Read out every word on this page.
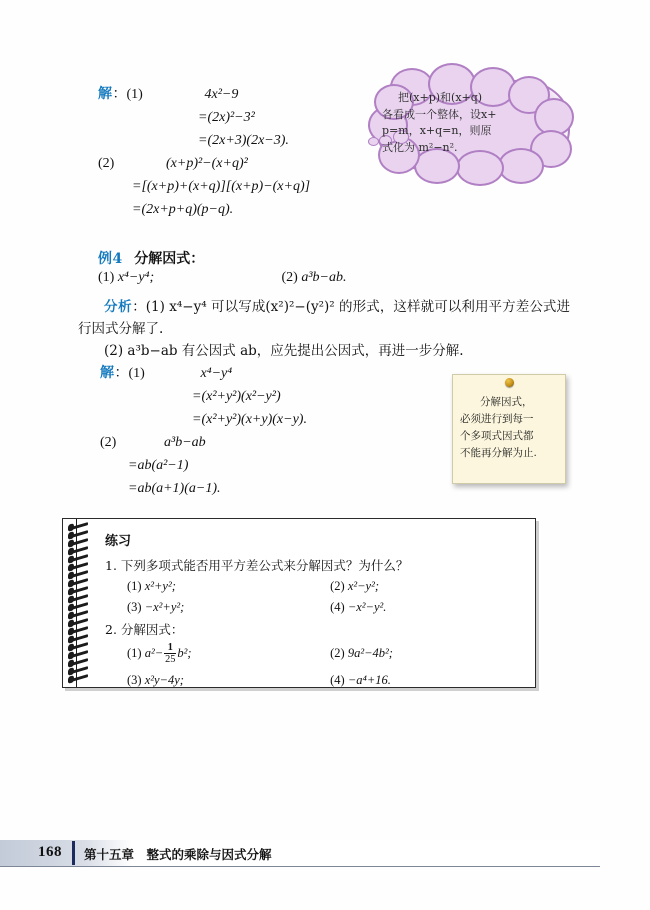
解：(1)	4x²−9
=(2x)²−3²
=(2x+3)(2x−3).
(2)	(x+p)²−(x+q)²
=[(x+p)+(x+q)][(x+p)−(x+q)]
=(2x+p+q)(p−q).
把(x+p)和(x+q)
各看成一个整体，设x+
p=m，x+q=n，则原
式化为 m²−n².
例4 分解因式：
(1) x⁴−y⁴;	(2) a³b−ab.

分析：(1) x⁴−y⁴ 可以写成(x²)²−(y²)² 的形式，这样就可以利用平方差公式进行因式分解了.

(2) a³b−ab 有公因式 ab，应先提出公因式，再进一步分解.

解：(1)	x⁴−y⁴
=(x²+y²)(x²−y²)
=(x²+y²)(x+y)(x−y).
(2)	a³b−ab
=ab(a²−1)
=ab(a+1)(a−1).
分解因式，
必须进行到每一
个多项式因式都
不能再分解为止.
练习
1. 下列多项式能否用平方差公式来分解因式？为什么？
(1) x²+y²;	(2) x²−y²;
(3) −x²+y²;	(4) −x²−y².
2. 分解因式：
(1) $a^2- \frac{1}{25} b^2$;	(2) 9a²−4b²;
(3) x²y−4y;	(4) −a⁴+16.
168 第十五章　整式的乘除与因式分解
